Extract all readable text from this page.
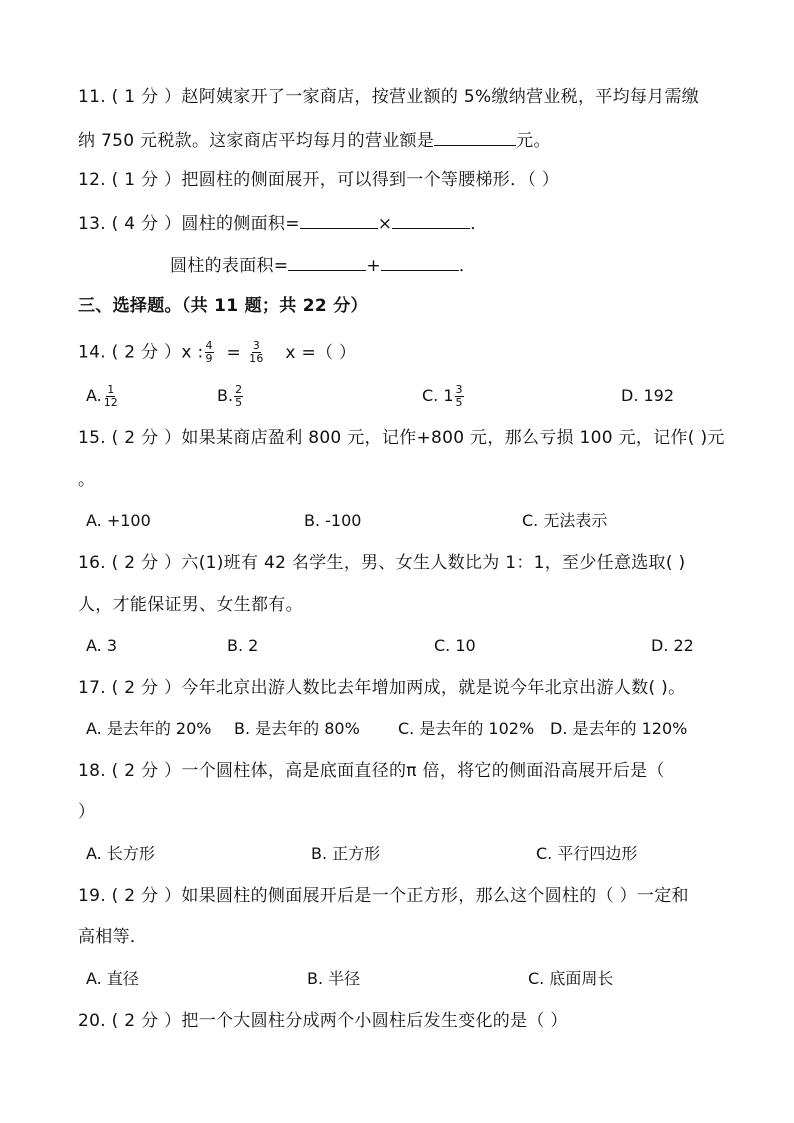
11. ( 1 分 ）赵阿姨家开了一家商店，按营业额的 5%缴纳营业税，平均每月需缴
纳 750 元税款。这家商店平均每月的营业额是	元。
12. ( 1 分 ）把圆柱的侧面展开，可以得到一个等腰梯形．（ ）
13. ( 4 分 ）圆柱的侧面积=	×	．
圆柱的表面积=	+	．
三、选择题。（共 11 题；共 22 分）
14. ( 2 分 ）x : $\frac{4}{9} = \frac{3}{16}$ x =（ ）
A. $\frac{1}{12}$	B. $\frac{2}{5}$	C. $1 \frac{3}{5}$	D. 192
15. ( 2 分 ）如果某商店盈利 800 元，记作+800 元，那么亏损 100 元，记作( )元
。
A. +100	B. -100	C. 无法表示
16. ( 2 分 ）六(1)班有 42 名学生，男、女生人数比为 1：1，至少任意选取( )
人，才能保证男、女生都有。
A. 3	B. 2	C. 10	D. 22
17. ( 2 分 ）今年北京出游人数比去年增加两成，就是说今年北京出游人数( )。
A. 是去年的 20% B. 是去年的 80% C. 是去年的 102% D. 是去年的 120%
18. ( 2 分 ）一个圆柱体，高是底面直径的π 倍，将它的侧面沿高展开后是（
）
A. 长方形	B. 正方形	C. 平行四边形
19. ( 2 分 ）如果圆柱的侧面展开后是一个正方形，那么这个圆柱的（ ）一定和
高相等．
A. 直径	B. 半径	C. 底面周长
20. ( 2 分 ）把一个大圆柱分成两个小圆柱后发生变化的是（ ）
